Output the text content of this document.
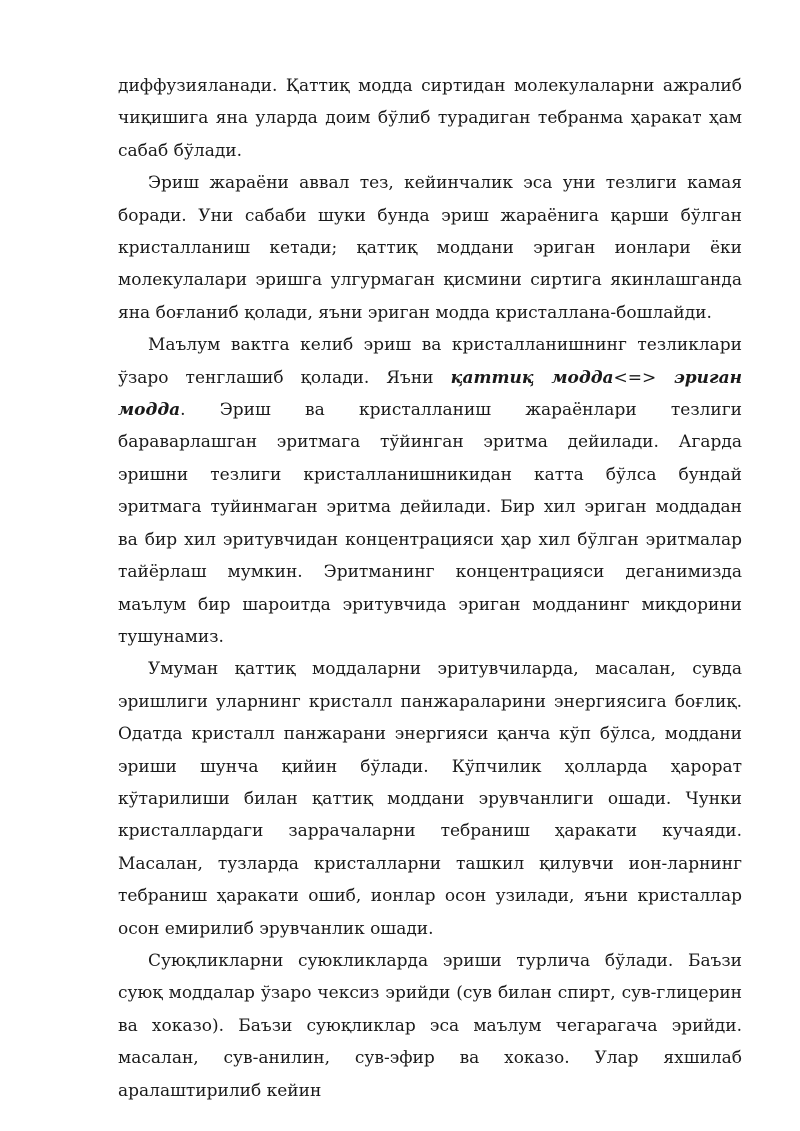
диффузияланади. Қаттиқ модда сиртидан молекулаларни ажралиб чиқишига яна уларда доим бўлиб турадиган тебранма ҳаракат ҳам сабаб бўлади.

Эриш жараёни аввал тез, кейинчалик эса уни тезлиги камая боради. Уни сабаби шуки бунда эриш жараёнига қарши бўлган кристалланиш кетади; қаттиқ моддани эриган ионлари ёки молекулалари эришга улгурмаган қисмини сиртига якинлашганда яна боғланиб қолади, яъни эриган модда кристаллана-бошлайди.

Маълум вактга келиб эриш ва кристалланишнинг тезликлари ўзаро тенглашиб қолади. Яъни қаттиқ модда<=> эриган модда. Эриш ва кристалланиш жараёнлари тезлиги бараварлашган эритмага тўйинган эритма дейилади. Агарда эришни тезлиги кристалланишникидан катта бўлса бундай эритмага туйинмаган эритма дейилади. Бир хил эриган моддадан ва бир хил эритувчидан концентрацияси ҳар хил бўлган эритмалар тайёрлаш мумкин. Эритманинг концентрацияси деганимизда маълум бир шароитда эритувчида эриган модданинг миқдорини тушунамиз.

Умуман қаттиқ моддаларни эритувчиларда, масалан, сувда эришлиги уларнинг кристалл панжараларини энергиясига боғлиқ. Одатда кристалл панжарани энергияси қанча кўп бўлса, моддани эриши шунча қийин бўлади. Кўпчилик ҳолларда ҳарорат кўтарилиши билан қаттиқ моддани эрувчанлиги ошади. Чунки кристаллардаги заррачаларни тебраниш ҳаракати кучаяди. Масалан, тузларда кристалларни ташкил қилувчи ион-ларнинг тебраниш ҳаракати ошиб, ионлар осон узилади, яъни кристаллар осон емирилиб эрувчанлик ошади.

Суюқликларни суюкликларда эриши турлича бўлади. Баъзи суюқ моддалар ўзаро чексиз эрийди (сув билан спирт, сув-глицерин ва хоказо). Баъзи суюқликлар эса маълум чегарагача эрийди. масалан, сув-анилин, сув-эфир ва хоказо. Улар яхшилаб аралаштирилиб кейин
